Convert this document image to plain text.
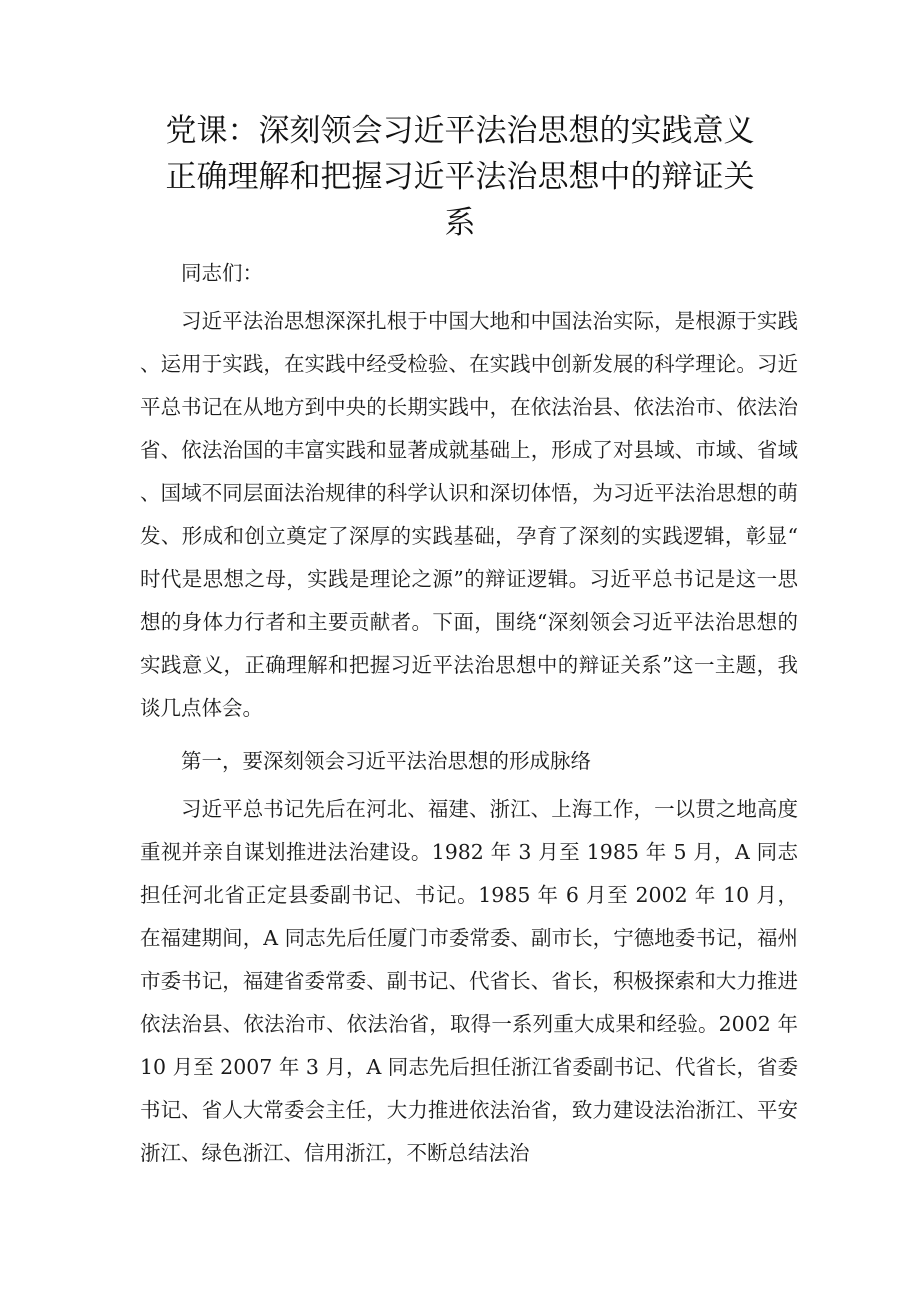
党课：深刻领会习近平法治思想的实践意义
正确理解和把握习近平法治思想中的辩证关
系

同志们：

习近平法治思想深深扎根于中国大地和中国法治实际，是根源于实践、运用于实践，在实践中经受检验、在实践中创新发展的科学理论。习近平总书记在从地方到中央的长期实践中，在依法治县、依法治市、依法治省、依法治国的丰富实践和显著成就基础上，形成了对县域、市域、省域、国域不同层面法治规律的科学认识和深切体悟，为习近平法治思想的萌发、形成和创立奠定了深厚的实践基础，孕育了深刻的实践逻辑，彰显“时代是思想之母，实践是理论之源”的辩证逻辑。习近平总书记是这一思想的身体力行者和主要贡献者。下面，围绕“深刻领会习近平法治思想的实践意义，正确理解和把握习近平法治思想中的辩证关系”这一主题，我谈几点体会。

第一，要深刻领会习近平法治思想的形成脉络

习近平总书记先后在河北、福建、浙江、上海工作，一以贯之地高度重视并亲自谋划推进法治建设。1982 年 3 月至 1985 年 5 月，A 同志担任河北省正定县委副书记、书记。1985 年 6 月至 2002 年 10 月，在福建期间，A 同志先后任厦门市委常委、副市长，宁德地委书记，福州市委书记，福建省委常委、副书记、代省长、省长，积极探索和大力推进依法治县、依法治市、依法治省，取得一系列重大成果和经验。2002 年 10 月至 2007 年 3 月，A 同志先后担任浙江省委副书记、代省长，省委书记、省人大常委会主任，大力推进依法治省，致力建设法治浙江、平安浙江、绿色浙江、信用浙江，不断总结法治
